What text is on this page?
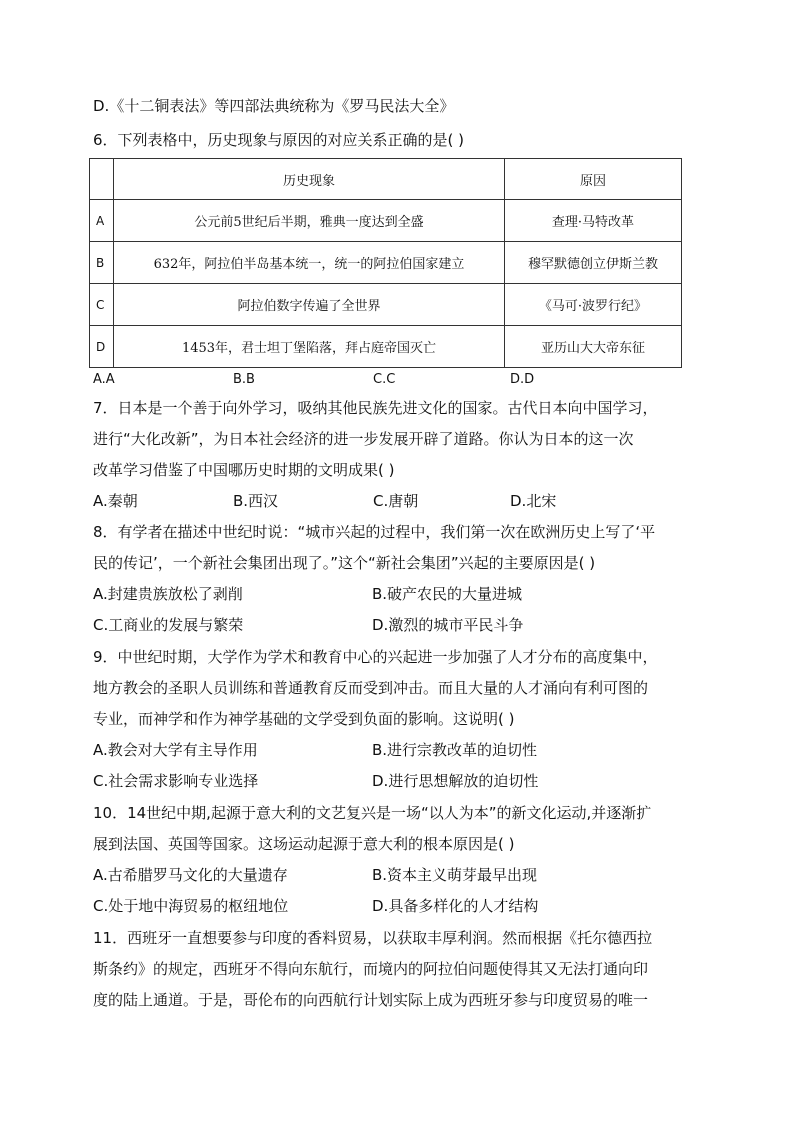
D.《十二铜表法》等四部法典统称为《罗马民法大全》
6．下列表格中，历史现象与原因的对应关系正确的是( )
	历史现象	原因
A	公元前5世纪后半期，雅典一度达到全盛	查理·马特改革
B	632年，阿拉伯半岛基本统一，统一的阿拉伯国家建立	穆罕默德创立伊斯兰教
C	阿拉伯数字传遍了全世界	《马可·波罗行纪》
D	1453年，君士坦丁堡陷落，拜占庭帝国灭亡	亚历山大大帝东征
A.A	B.B	C.C	D.D
7．日本是一个善于向外学习，吸纳其他民族先进文化的国家。古代日本向中国学习，
进行“大化改新”，为日本社会经济的进一步发展开辟了道路。你认为日本的这一次
改革学习借鉴了中国哪历史时期的文明成果( )
A.秦朝	B.西汉	C.唐朝	D.北宋
8．有学者在描述中世纪时说：“城市兴起的过程中，我们第一次在欧洲历史上写了‘平
民的传记’，一个新社会集团出现了。”这个“新社会集团”兴起的主要原因是( )
A.封建贵族放松了剥削	B.破产农民的大量进城
C.工商业的发展与繁荣	D.激烈的城市平民斗争
9．中世纪时期，大学作为学术和教育中心的兴起进一步加强了人才分布的高度集中，
地方教会的圣职人员训练和普通教育反而受到冲击。而且大量的人才涌向有利可图的
专业，而神学和作为神学基础的文学受到负面的影响。这说明( )
A.教会对大学有主导作用	B.进行宗教改革的迫切性
C.社会需求影响专业选择	D.进行思想解放的迫切性
10．14世纪中期,起源于意大利的文艺复兴是一场“以人为本”的新文化运动,并逐渐扩
展到法国、英国等国家。这场运动起源于意大利的根本原因是( )
A.古希腊罗马文化的大量遗存	B.资本主义萌芽最早出现
C.处于地中海贸易的枢纽地位	D.具备多样化的人才结构
11．西班牙一直想要参与印度的香料贸易，以获取丰厚利润。然而根据《托尔德西拉
斯条约》的规定，西班牙不得向东航行，而境内的阿拉伯问题使得其又无法打通向印
度的陆上通道。于是，哥伦布的向西航行计划实际上成为西班牙参与印度贸易的唯一
